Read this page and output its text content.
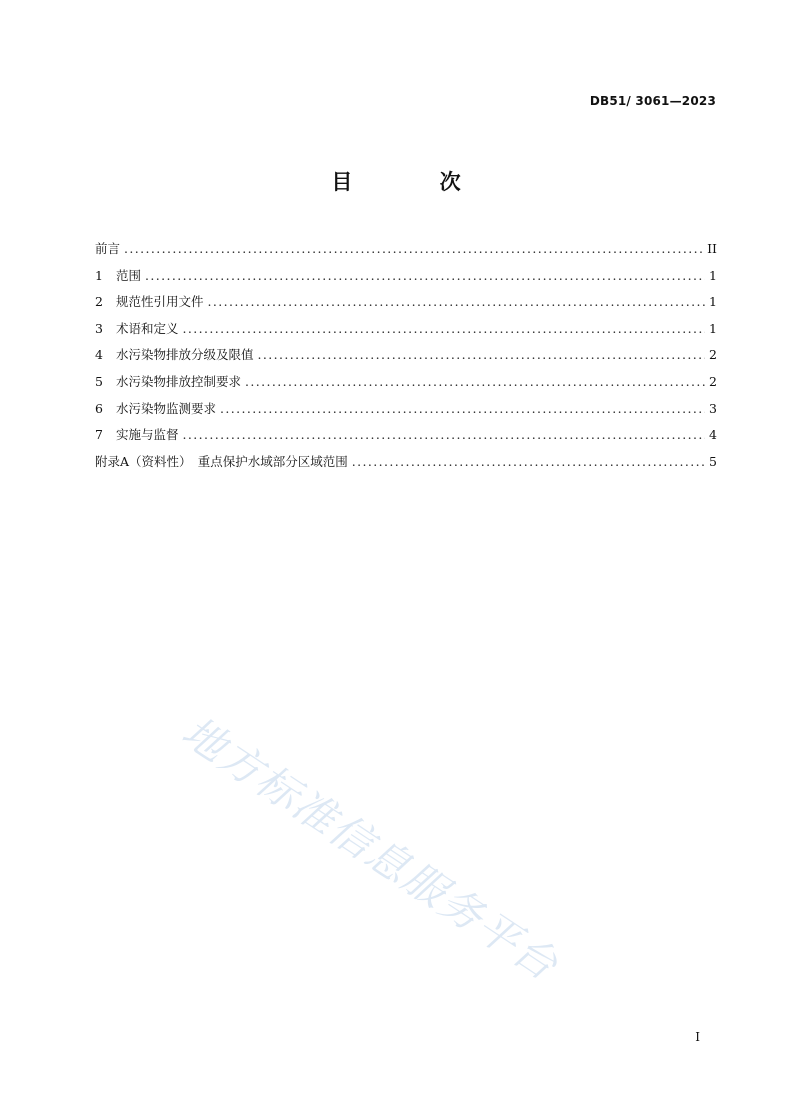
DB51/ 3061—2023
目 次
前言 .....	II
1 范围 .....	1
2 规范性引用文件 .....	1
3 术语和定义 .....	1
4 水污染物排放分级及限值 .....	2
5 水污染物排放控制要求 .....	2
6 水污染物监测要求 .....	3
7 实施与监督 .....	4
附录A（资料性）　重点保护水域部分区域范围 .....	5
地方标准信息服务平台
I
